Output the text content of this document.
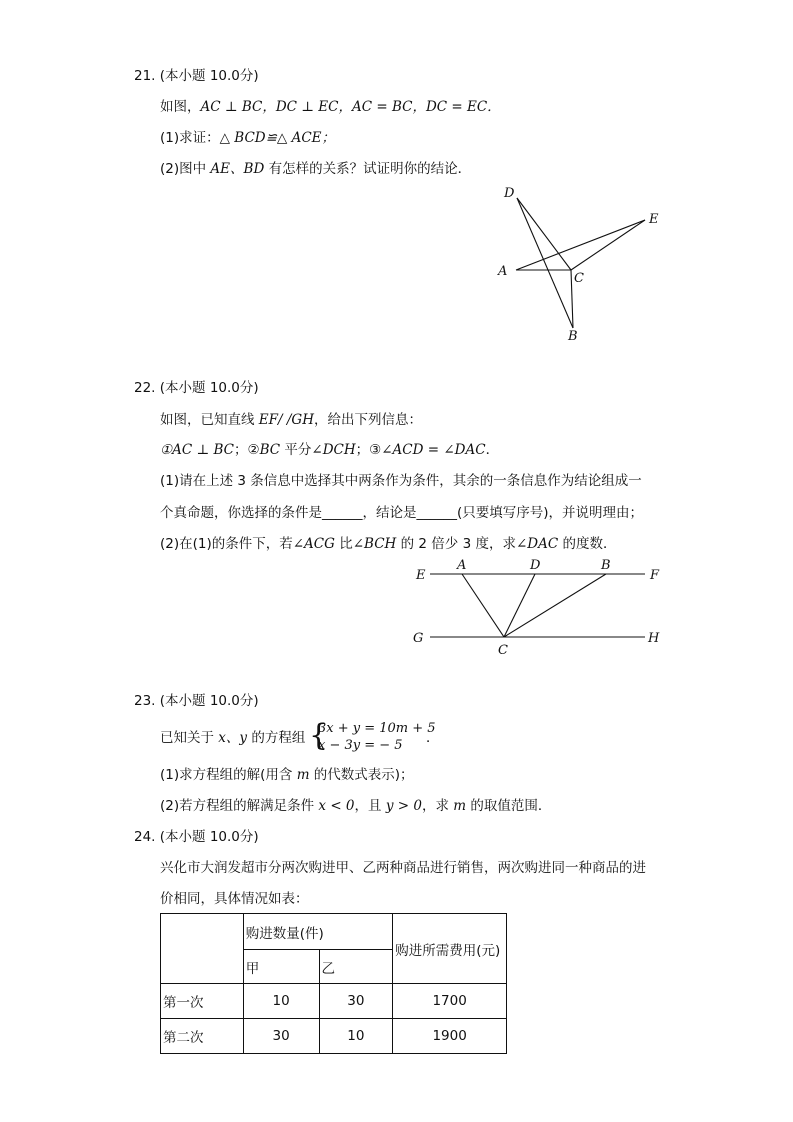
21. (本小题 10.0分)
如图，AC ⊥ BC，DC ⊥ EC，AC = BC，DC = EC．
(1)求证：△ BCD≌△ ACE；
(2)图中 AE、BD 有怎样的关系？试证明你的结论．
D
E
A	C
B
22. (本小题 10.0分)
如图，已知直线 EF/ /GH，给出下列信息：
①AC ⊥ BC；②BC 平分∠DCH；③∠ACD = ∠DAC．
(1)请在上述 3 条信息中选择其中两条作为条件，其余的一条信息作为结论组成一
个真命题，你选择的条件是______，结论是______(只要填写序号)，并说明理由；
(2)在(1)的条件下，若∠ACG 比∠BCH 的 2 倍少 3 度，求∠DAC 的度数．
E
A	D	B
F
G
C
H
23. (本小题 10.0分)
已知关于 x、y 的方程组 {
3x + y = 10m + 5
x − 3y = − 5 ．
(1)求方程组的解(用含 m 的代数式表示)；
(2)若方程组的解满足条件 x < 0，且 y > 0，求 m 的取值范围．
24. (本小题 10.0分)
兴化市大润发超市分两次购进甲、乙两种商品进行销售，两次购进同一种商品的进
价相同，具体情况如表：
	购进数量(件)		购进所需费用(元)
	甲	乙	
第一次	10	30	1700
第二次	30	10	1900
